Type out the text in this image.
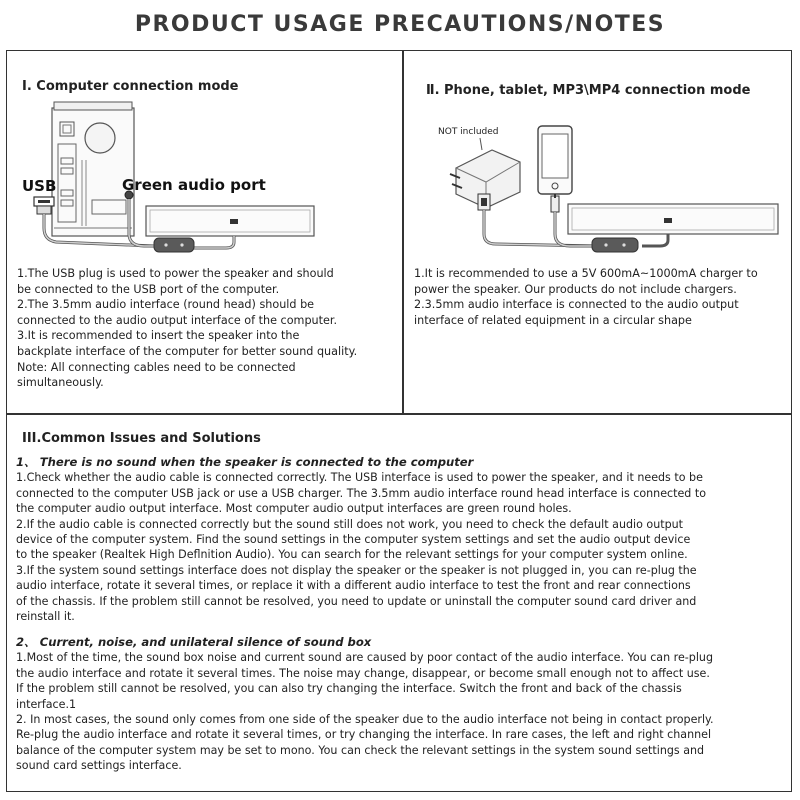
PRODUCT USAGE PRECAUTIONS/NOTES
Ⅰ. Computer connection mode
USB	Green audio port

1.The USB plug is used to power the speaker and should

be connected to the USB port of the computer.

2.The 3.5mm audio interface (round head) should be

connected to the audio output interface of the computer.

3.It is recommended to insert the speaker into the

backplate interface of the computer for better sound quality.

Note: All connecting cables need to be connected

simultaneously.

Ⅱ. Phone, tablet, MP3\MP4 connection mode
NOT included

1.It is recommended to use a 5V 600mA~1000mA charger to

power the speaker. Our products do not include chargers.

2.3.5mm audio interface is connected to the audio output

interface of related equipment in a circular shape

III.Common Issues and Solutions

1、 There is no sound when the speaker is connected to the computer

1.Check whether the audio cable is connected correctly. The USB interface is used to power the speaker, and it needs to be

connected to the computer USB jack or use a USB charger. The 3.5mm audio interface round head interface is connected to

the computer audio output interface. Most computer audio output interfaces are green round holes.

2.If the audio cable is connected correctly but the sound still does not work, you need to check the default audio output

device of the computer system. Find the sound settings in the computer system settings and set the audio output device

to the speaker (Realtek High Deflnition Audio). You can search for the relevant settings for your computer system online.

3.If the system sound settings interface does not display the speaker or the speaker is not plugged in, you can re-plug the

audio interface, rotate it several times, or replace it with a different audio interface to test the front and rear connections

of the chassis. If the problem still cannot be resolved, you need to update or uninstall the computer sound card driver and

reinstall it.

2、 Current, noise, and unilateral silence of sound box

1.Most of the time, the sound box noise and current sound are caused by poor contact of the audio interface. You can re-plug

the audio interface and rotate it several times. The noise may change, disappear, or become small enough not to affect use.

If the problem still cannot be resolved, you can also try changing the interface. Switch the front and back of the chassis

interface.1

2. In most cases, the sound only comes from one side of the speaker due to the audio interface not being in contact properly.

Re-plug the audio interface and rotate it several times, or try changing the interface. In rare cases, the left and right channel

balance of the computer system may be set to mono. You can check the relevant settings in the system sound settings and

sound card settings interface.
